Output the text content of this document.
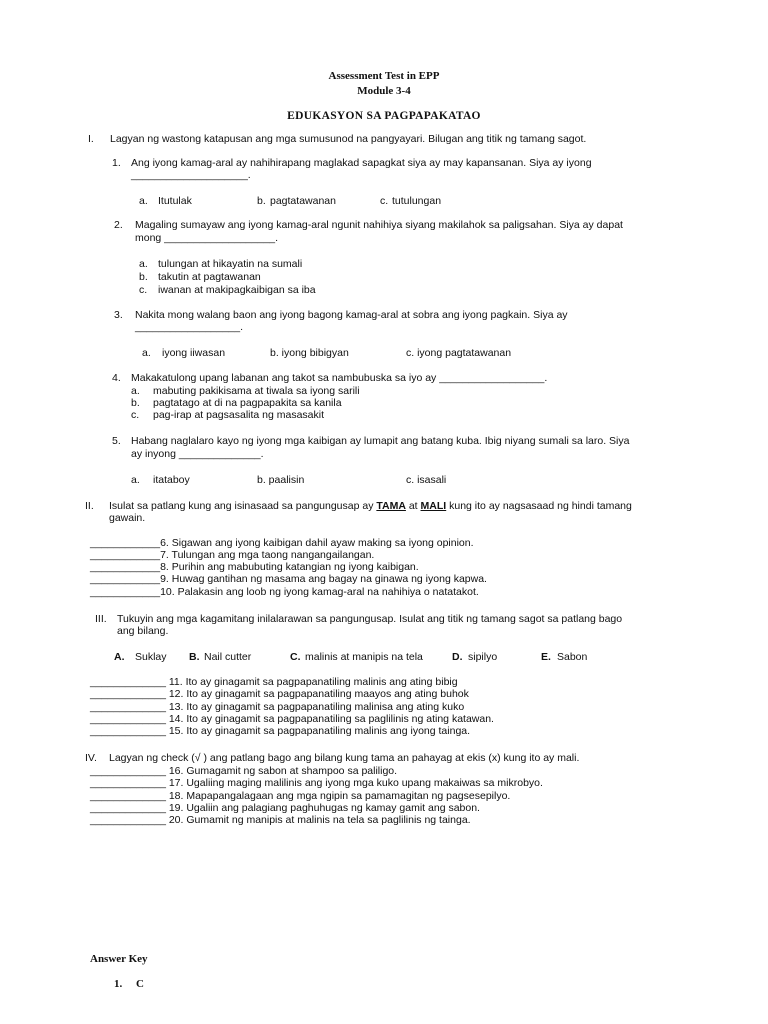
Assessment Test in EPP
Module 3-4
EDUKASYON SA PAGPAPAKATAO
I. Lagyan ng wastong katapusan ang mga sumusunod na pangyayari. Bilugan ang titik ng tamang sagot.
1. Ang iyong kamag-aral ay nahihirapang maglakad sapagkat siya ay may kapansanan. Siya ay iyong
____________________.
a. Itutulak	b. pagtatawanan	c. tutulungan
2. Magaling sumayaw ang iyong kamag-aral ngunit nahihiya siyang makilahok sa paligsahan. Siya ay dapat
mong ___________________.
a. tulungan at hikayatin na sumali
b. takutin at pagtawanan
c. iwanan at makipagkaibigan sa iba
3. Nakita mong walang baon ang iyong bagong kamag-aral at sobra ang iyong pagkain. Siya ay
__________________.
a. iyong iiwasan	b. iyong bibigyan	c. iyong pagtatawanan
4. Makakatulong upang labanan ang takot sa nambubuska sa iyo ay __________________.
a. mabuting pakikisama at tiwala sa iyong sarili
b. pagtatago at di na pagpapakita sa kanila
c. pag-irap at pagsasalita ng masasakit
5. Habang naglalaro kayo ng iyong mga kaibigan ay lumapit ang batang kuba. Ibig niyang sumali sa laro. Siya
ay inyong ______________.
a. itataboy	b. paalisin	c. isasali
II. Isulat sa patlang kung ang isinasaad sa pangungusap ay TAMA at MALI kung ito ay nagsasaad ng hindi tamang
gawain.
____________6. Sigawan ang iyong kaibigan dahil ayaw making sa iyong opinion.
____________7. Tulungan ang mga taong nangangailangan.
____________8. Purihin ang mabubuting katangian ng iyong kaibigan.
____________9. Huwag gantihan ng masama ang bagay na ginawa ng iyong kapwa.
____________10. Palakasin ang loob ng iyong kamag-aral na nahihiya o natatakot.
III. Tukuyin ang mga kagamitang inilalarawan sa pangungusap. Isulat ang titik ng tamang sagot sa patlang bago
ang bilang.
A. Suklay B. Nail cutter	C. malinis at manipis na tela	D. sipilyo	E. Sabon
_____________ 11. Ito ay ginagamit sa pagpapanatiling malinis ang ating bibig
_____________ 12. Ito ay ginagamit sa pagpapanatiling maayos ang ating buhok
_____________ 13. Ito ay ginagamit sa pagpapanatiling malinisa ang ating kuko
_____________ 14. Ito ay ginagamit sa pagpapanatiling sa paglilinis ng ating katawan.
_____________ 15. Ito ay ginagamit sa pagpapanatiling malinis ang iyong tainga.
IV. Lagyan ng check (√ ) ang patlang bago ang bilang kung tama an pahayag at ekis (x) kung ito ay mali.
_____________ 16. Gumagamit ng sabon at shampoo sa paliligo.
_____________ 17. Ugaliing maging malilinis ang iyong mga kuko upang makaiwas sa mikrobyo.
_____________ 18. Mapapangalagaan ang mga ngipin sa pamamagitan ng pagsesepilyo.
_____________ 19. Ugaliin ang palagiang paghuhugas ng kamay gamit ang sabon.
_____________ 20. Gumamit ng manipis at malinis na tela sa paglilinis ng tainga.
Answer Key
1. C
